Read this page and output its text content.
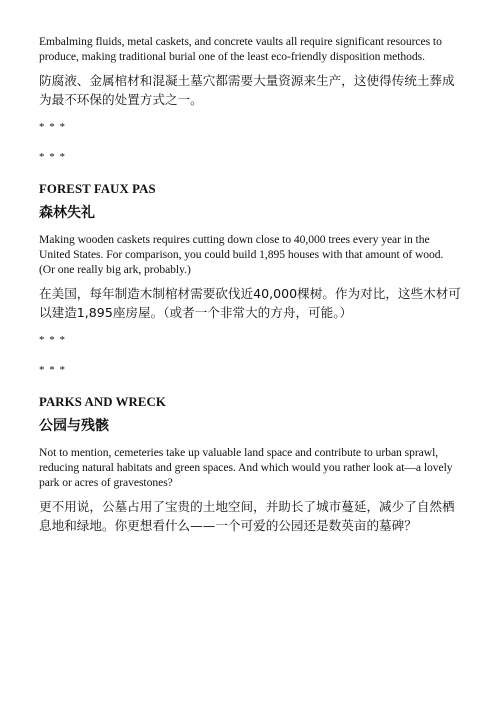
Embalming fluids, metal caskets, and concrete vaults all require significant resources to produce, making traditional burial one of the least eco-friendly disposition methods.

防腐液、金属棺材和混凝土墓穴都需要大量资源来生产，这使得传统土葬成为最不环保的处置方式之一。

* * *

* * *

FOREST FAUX PAS

森林失礼

Making wooden caskets requires cutting down close to 40,000 trees every year in the United States. For comparison, you could build 1,895 houses with that amount of wood. (Or one really big ark, probably.)

在美国，每年制造木制棺材需要砍伐近40,000棵树。作为对比，这些木材可以建造1,895座房屋。（或者一个非常大的方舟，可能。）

* * *

* * *

PARKS AND WRECK

公园与残骸

Not to mention, cemeteries take up valuable land space and contribute to urban sprawl, reducing natural habitats and green spaces. And which would you rather look at—a lovely park or acres of gravestones?

更不用说，公墓占用了宝贵的土地空间，并助长了城市蔓延，减少了自然栖息地和绿地。你更想看什么——一个可爱的公园还是数英亩的墓碑？
